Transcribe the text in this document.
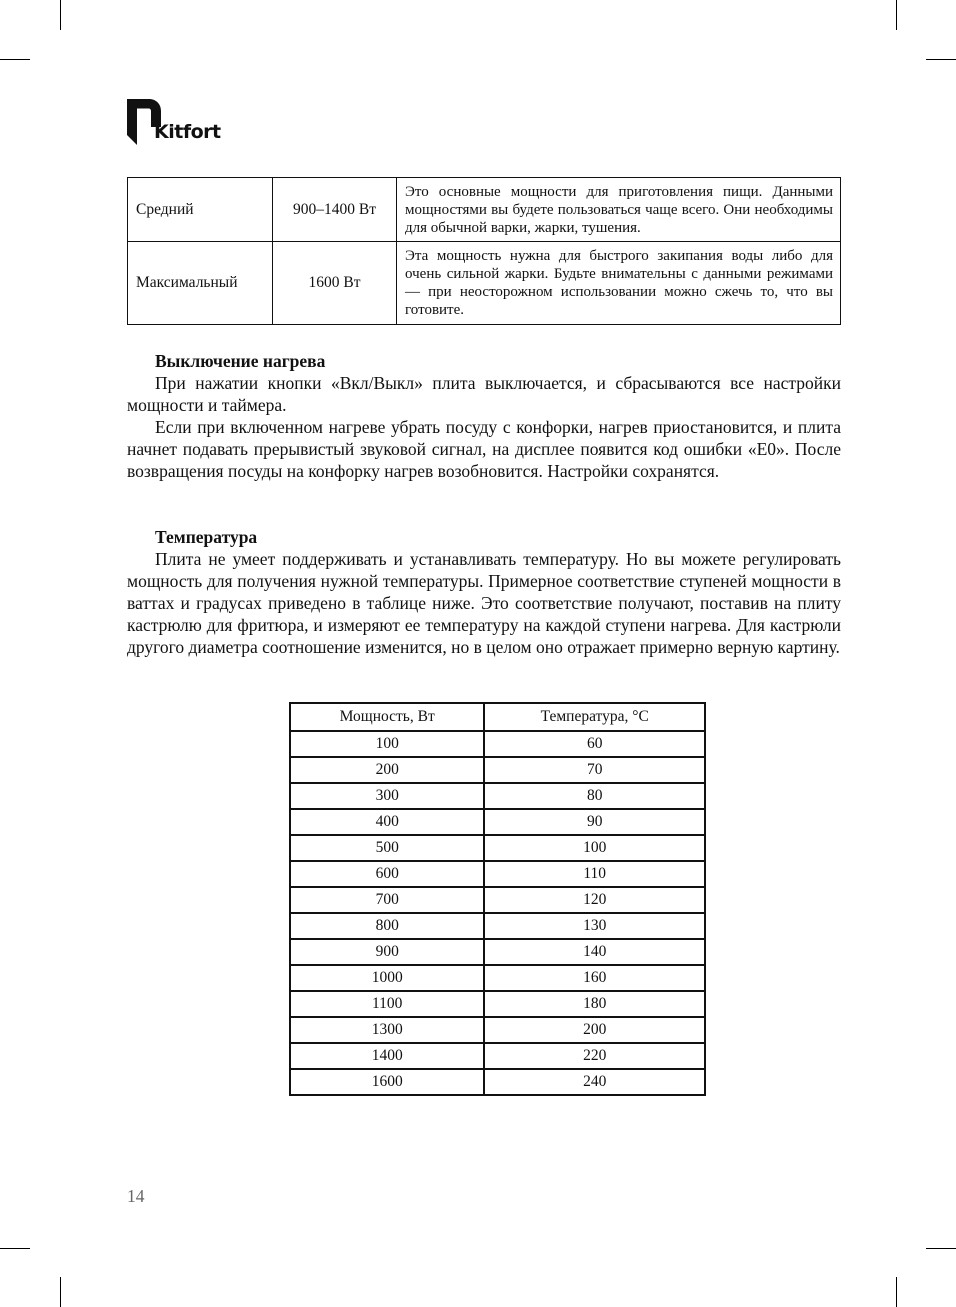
Kitfort
Средний	900–1400 Вт	Это основные мощности для приготовления пищи. Данными мощностями вы будете пользоваться чаще всего. Они необходимы для обычной варки, жарки, тушения.
Максимальный	1600 Вт	Эта мощность нужна для быстрого закипания воды либо для очень сильной жарки. Будьте внимательны с данными режимами — при неосторожном использовании можно сжечь то, что вы готовите.
Выключение нагрева

При нажатии кнопки «Вкл/Выкл» плита выключается, и сбрасываются все настройки мощности и таймера.

Если при включенном нагреве убрать посуду с конфорки, нагрев приостановится, и плита начнет подавать прерывистый звуковой сигнал, на дисплее появится код ошибки «E0». После возвращения посуды на конфорку нагрев возобновится. Настройки сохранятся.

Температура

Плита не умеет поддерживать и устанавливать температуру. Но вы можете регулировать мощность для получения нужной температуры. Примерное соответствие ступеней мощности в ваттах и градусах приведено в таблице ниже. Это соответствие получают, поставив на плиту кастрюлю для фритюра, и измеряют ее температуру на каждой ступени нагрева. Для кастрюли другого диаметра соотношение изменится, но в целом оно отражает примерно верную картину.

Мощность, Вт	Температура, °C
100	60
200	70
300	80
400	90
500	100
600	110
700	120
800	130
900	140
1000	160
1100	180
1300	200
1400	220
1600	240
14
